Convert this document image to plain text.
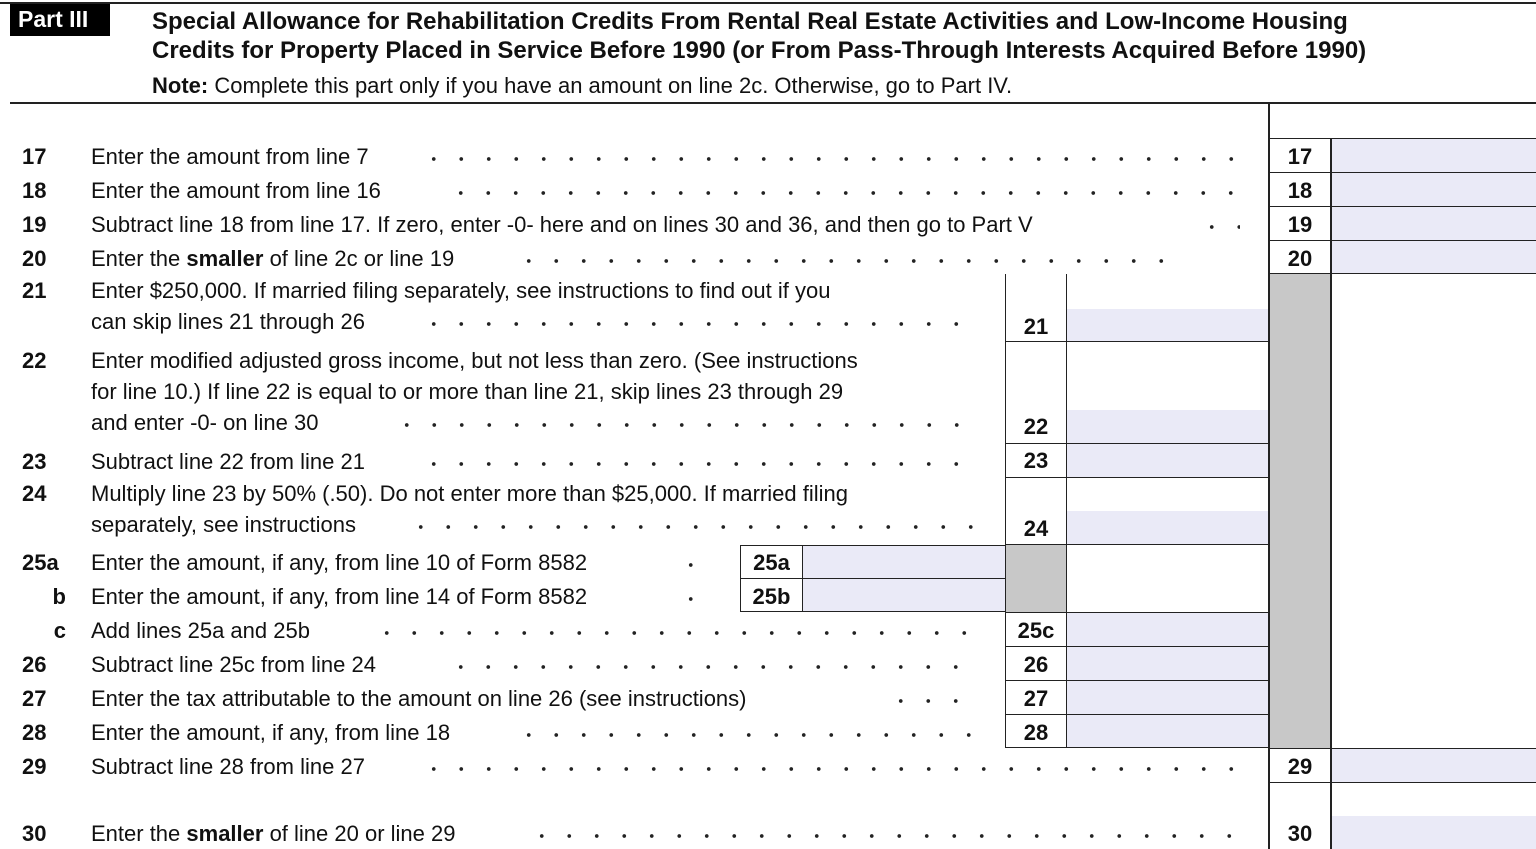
Part III	Special Allowance for Rehabilitation Credits From Rental Real Estate Activities and Low-Income Housing
Credits for Property Placed in Service Before 1990 (or From Pass-Through Interests Acquired Before 1990)
Note: Complete this part only if you have an amount on line 2c. Otherwise, go to Part IV.
17	Enter the amount from line 7	17
18	Enter the amount from line 16	18
19	Subtract line 18 from line 17. If zero, enter -0- here and on lines 30 and 36, and then go to Part V	19
20	Enter the smaller of line 2c or line 19	20
21	Enter $250,000. If married filing separately, see instructions to find out if you
can skip lines 21 through 26	21
22	Enter modified adjusted gross income, but not less than zero. (See instructions
for line 10.) If line 22 is equal to or more than line 21, skip lines 23 through 29
and enter -0- on line 30	22
23	Subtract line 22 from line 21	23
24	Multiply line 23 by 50% (.50). Do not enter more than $25,000. If married filing
separately, see instructions	24
25a	Enter the amount, if any, from line 10 of Form 8582	25a
b Enter the amount, if any, from line 14 of Form 8582	25b
c Add lines 25a and 25b	25c
26	Subtract line 25c from line 24	26
27	Enter the tax attributable to the amount on line 26 (see instructions)	27
28	Enter the amount, if any, from line 18	28
29	Subtract line 28 from line 27	29
30	Enter the smaller of line 20 or line 29	30
